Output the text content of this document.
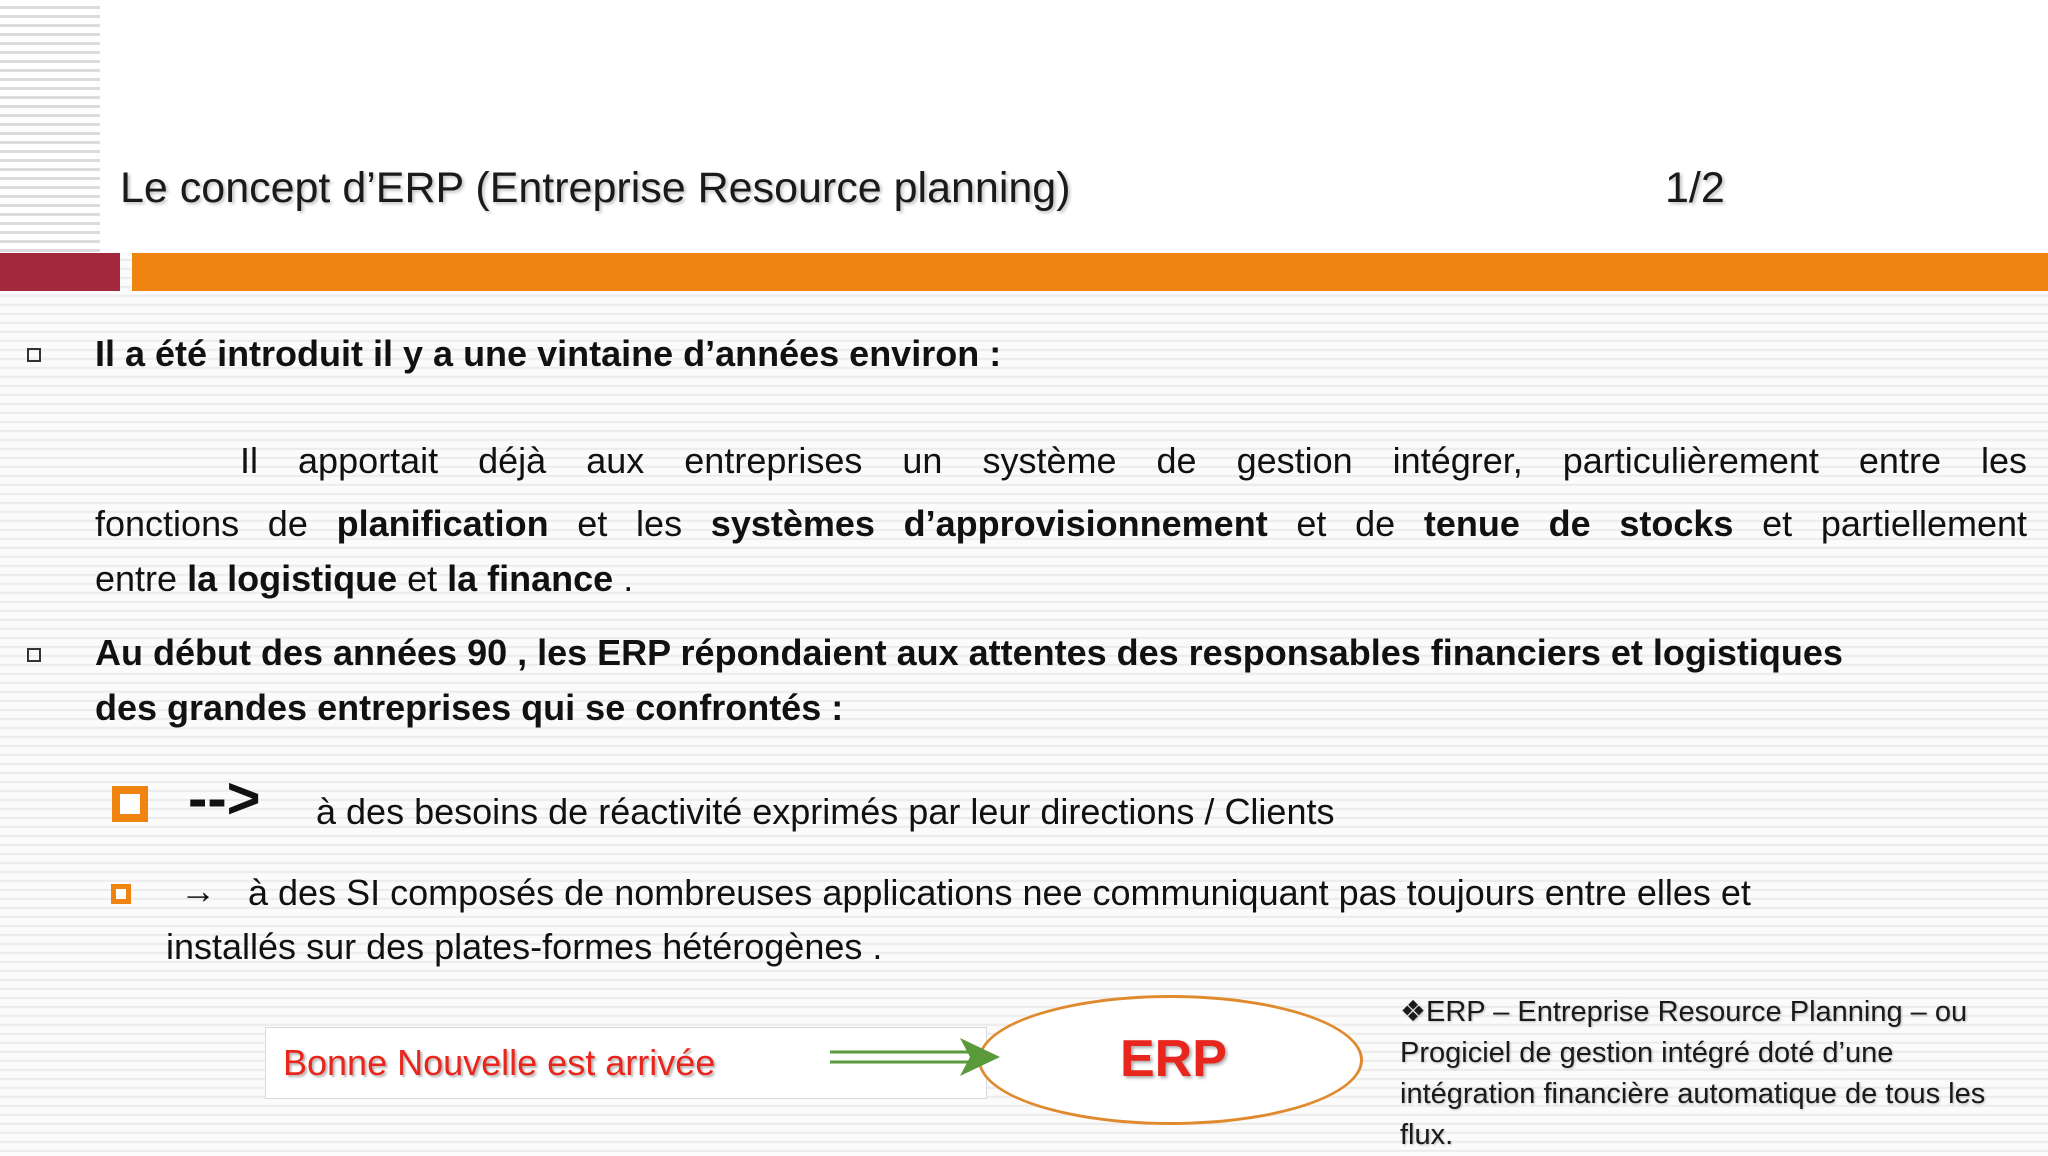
Le concept d’ERP (Entreprise Resource planning)	1/2
Il a été introduit il y a une vintaine d’années environ :
Il apportait déjà aux entreprises un système de gestion intégrer, particulièrement entre les
fonctions de planification et les systèmes d’approvisionnement et de tenue de stocks et partiellement
entre la logistique et la finance .
Au début des années 90 , les ERP répondaient aux attentes des responsables financiers et logistiques
des grandes entreprises qui se confrontés :
--> à des besoins de réactivité exprimés par leur directions / Clients
→ à des SI composés de nombreuses applications nee communiquant pas toujours entre elles et
installés sur des plates-formes hétérogènes .
Bonne Nouvelle est arrivée	ERP
❖ERP – Entreprise Resource Planning – ou
Progiciel de gestion intégré doté d’une
intégration financière automatique de tous les
flux.
